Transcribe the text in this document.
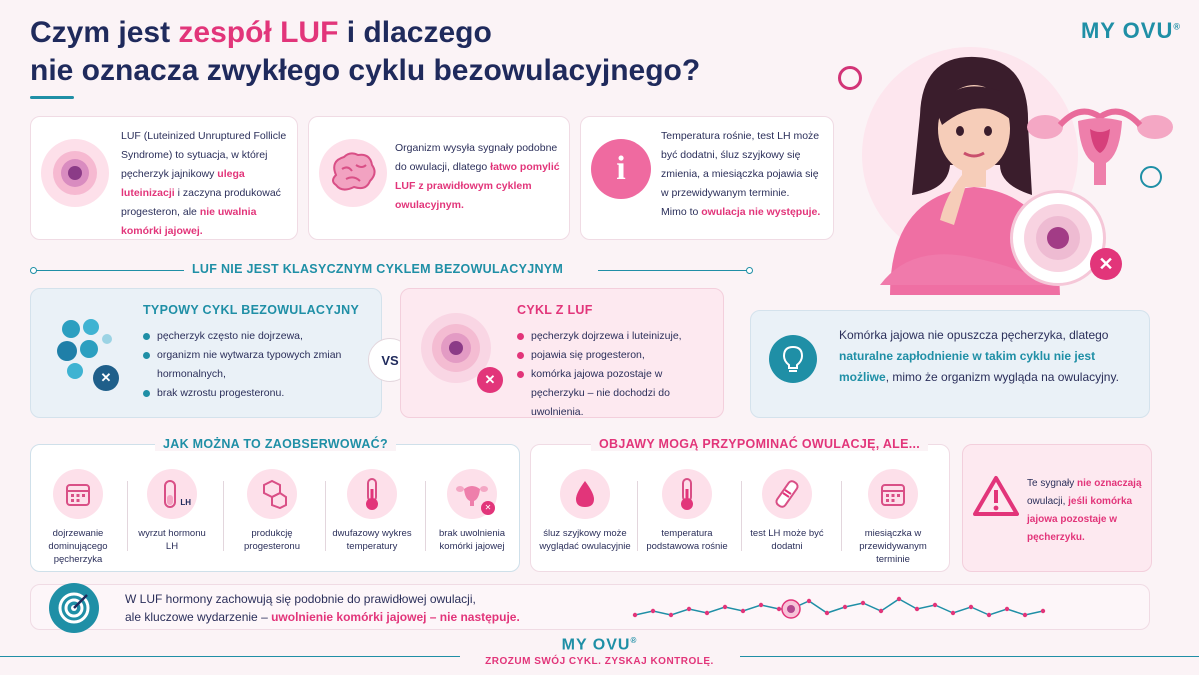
Czym jest zespół LUF i dlaczego
nie oznacza zwykłego cyklu bezowulacyjnego?
MY OVU®
✕
LUF (Luteinized Unruptured Follicle Syndrome) to sytuacja, w której pęcherzyk jajnikowy ulega luteinizacji i zaczyna produkować progesteron, ale nie uwalnia komórki jajowej.
Organizm wysyła sygnały podobne do owulacji, dlatego łatwo pomylić LUF z prawidłowym cyklem owulacyjnym.
i
Temperatura rośnie, test LH może być dodatni, śluz szyjkowy się zmienia, a miesiączka pojawia się w przewidywanym terminie.
Mimo to owulacja nie występuje.
LUF NIE JEST KLASYCZNYM CYKLEM BEZOWULACYJNYM
✕
TYPOWY CYKL BEZOWULACYJNY
pęcherzyk często nie dojrzewa,
organizm nie wytwarza typowych zmian hormonalnych,
brak wzrostu progesteronu.
VS
✕
CYKL Z LUF
pęcherzyk dojrzewa i luteinizuje,
pojawia się progesteron,
komórka jajowa pozostaje w pęcherzyku – nie dochodzi do uwolnienia.
Komórka jajowa nie opuszcza pęcherzyka, dlatego naturalne zapłodnienie w takim cyklu nie jest możliwe, mimo że organizm wygląda na owulacyjny.
JAK MOŻNA TO ZAOBSERWOWAĆ?
dojrzewanie dominującego pęcherzyka
LH
wyrzut hormonu LH
produkcję progesteronu
dwufazowy wykres temperatury
✕
brak uwolnienia komórki jajowej
OBJAWY MOGĄ PRZYPOMINAĆ OWULACJĘ, ALE...
śluz szyjkowy może wyglądać owulacyjnie
temperatura podstawowa rośnie
test LH może być dodatni
miesiączka w przewidywanym terminie
Te sygnały nie oznaczają owulacji, jeśli komórka jajowa pozostaje w pęcherzyku.
W LUF hormony zachowują się podobnie do prawidłowej owulacji,
ale kluczowe wydarzenie – uwolnienie komórki jajowej – nie następuje.
MY OVU®
ZROZUM SWÓJ CYKL. ZYSKAJ KONTROLĘ.
